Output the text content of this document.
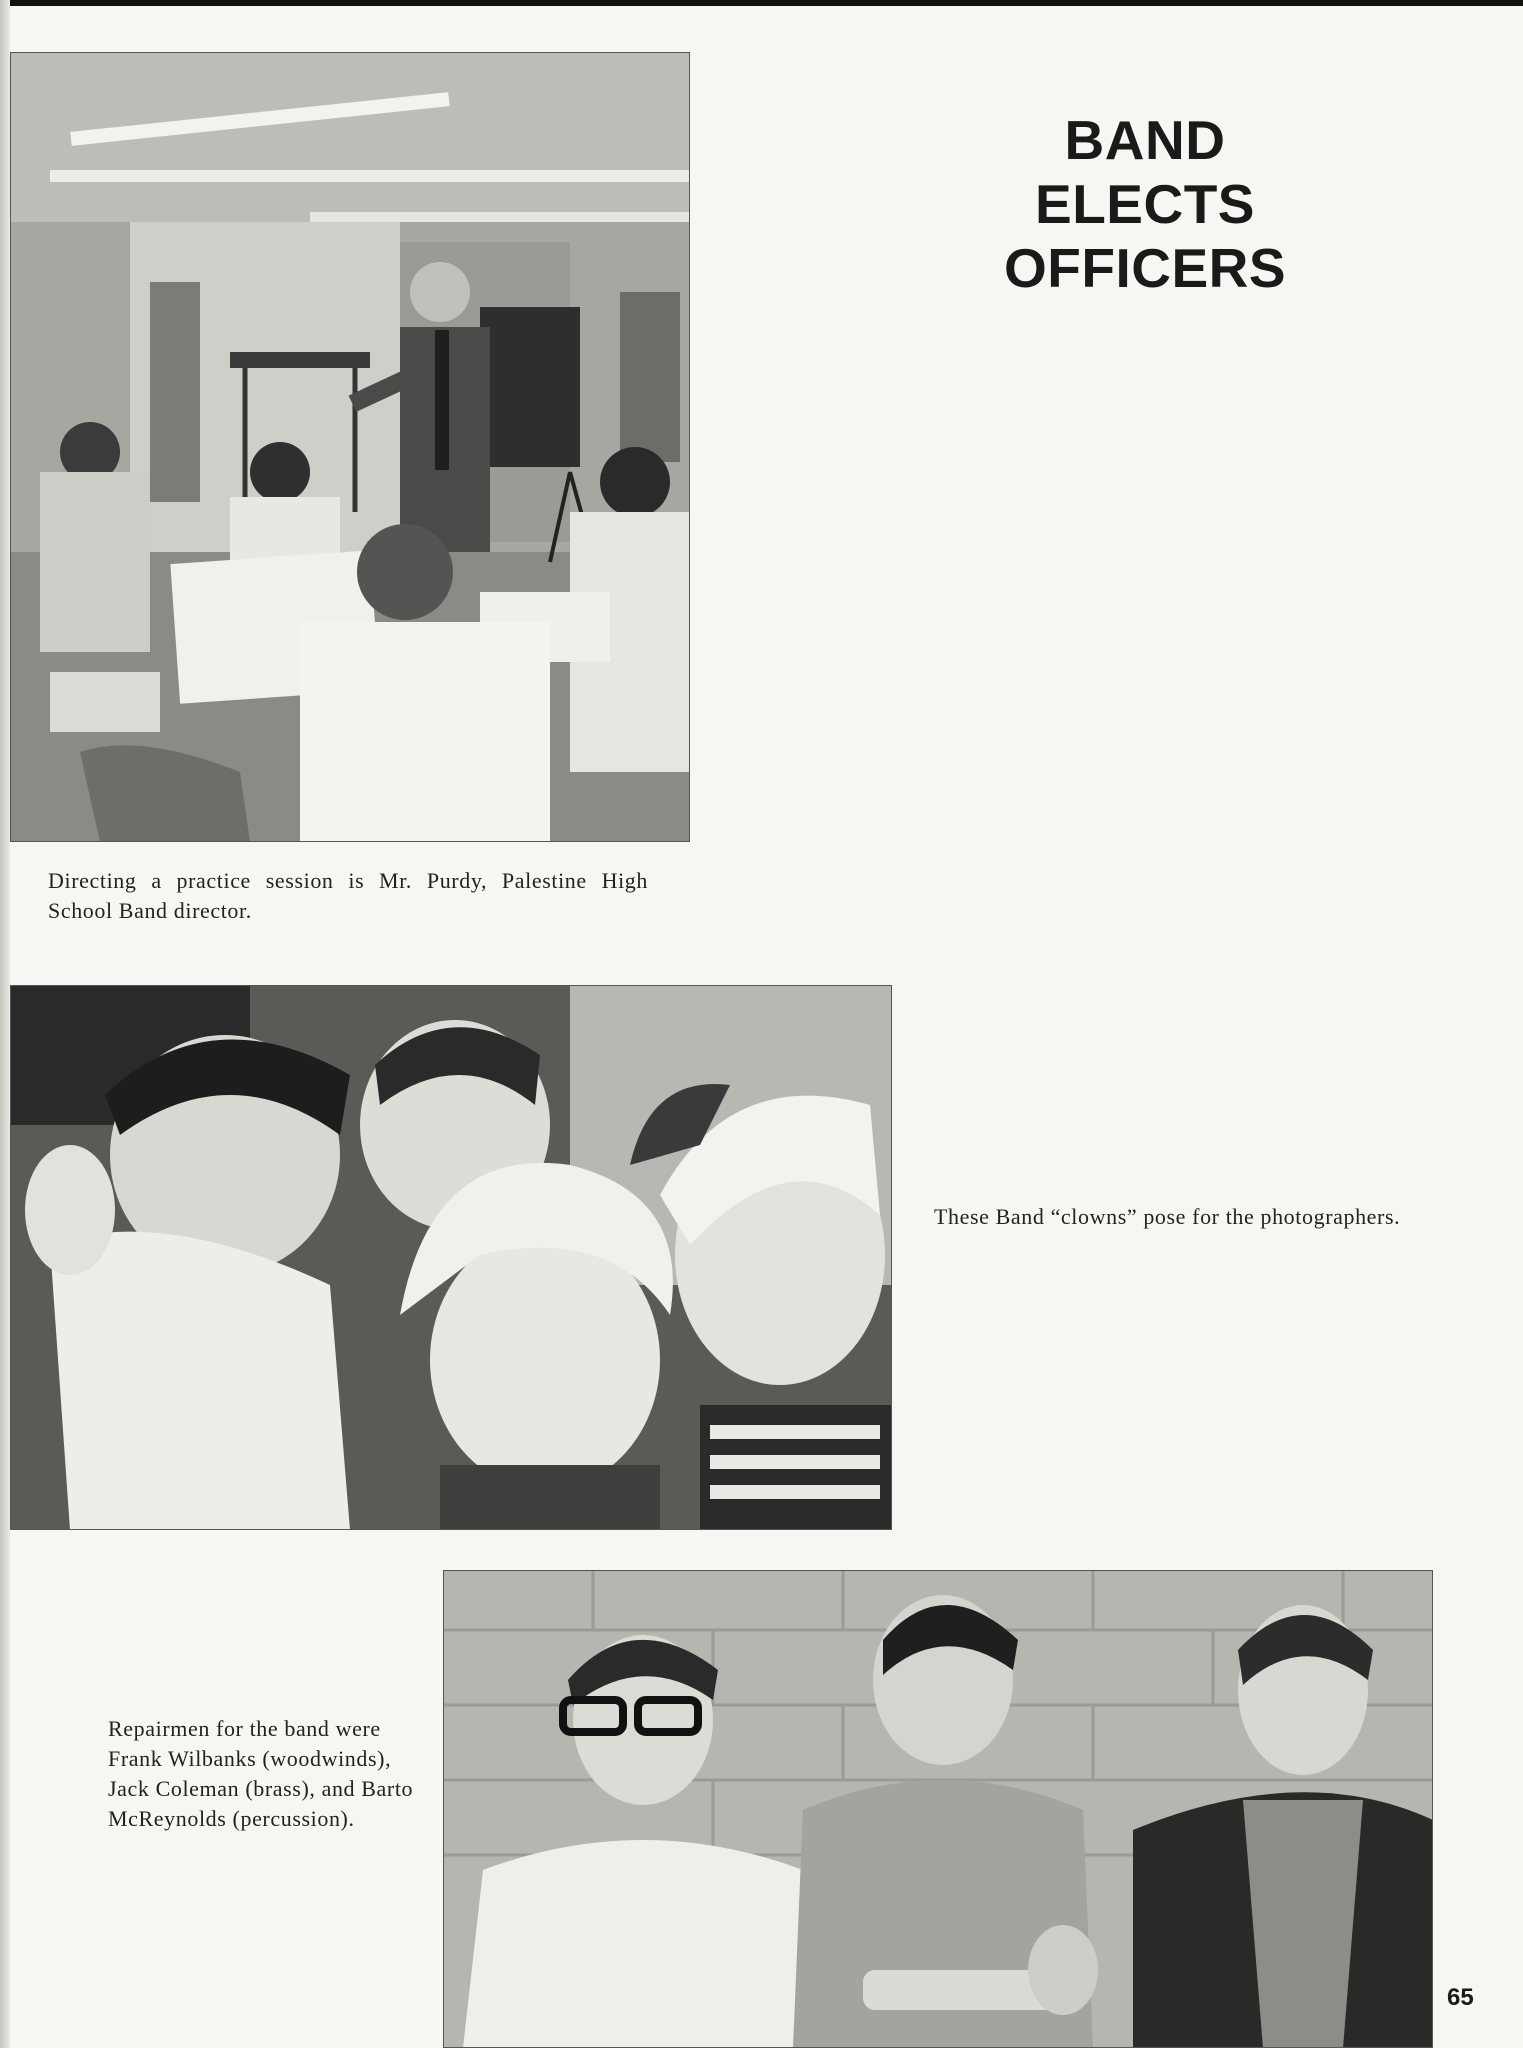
BAND
ELECTS
OFFICERS
Directing a practice session is Mr. Purdy, Palestine High School Band director.
These Band “clowns” pose for the photographers.
Repairmen for the band were Frank Wilbanks (woodwinds), Jack Coleman (brass), and Barto McReynolds (percussion).
65
